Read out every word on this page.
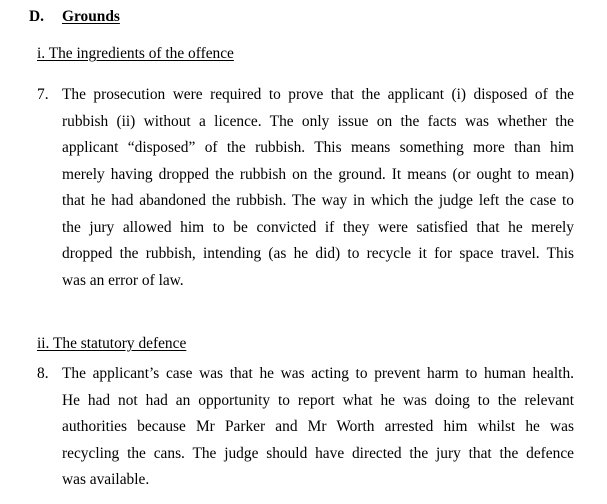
D. Grounds
i. The ingredients of the offence
7. The prosecution were required to prove that the applicant (i) disposed of the
rubbish (ii) without a licence. The only issue on the facts was whether the
applicant “disposed” of the rubbish. This means something more than him
merely having dropped the rubbish on the ground. It means (or ought to mean)
that he had abandoned the rubbish. The way in which the judge left the case to
the jury allowed him to be convicted if they were satisfied that he merely
dropped the rubbish, intending (as he did) to recycle it for space travel. This
was an error of law.
ii. The statutory defence
8. The applicant’s case was that he was acting to prevent harm to human health.
He had not had an opportunity to report what he was doing to the relevant
authorities because Mr Parker and Mr Worth arrested him whilst he was
recycling the cans. The judge should have directed the jury that the defence
was available.
